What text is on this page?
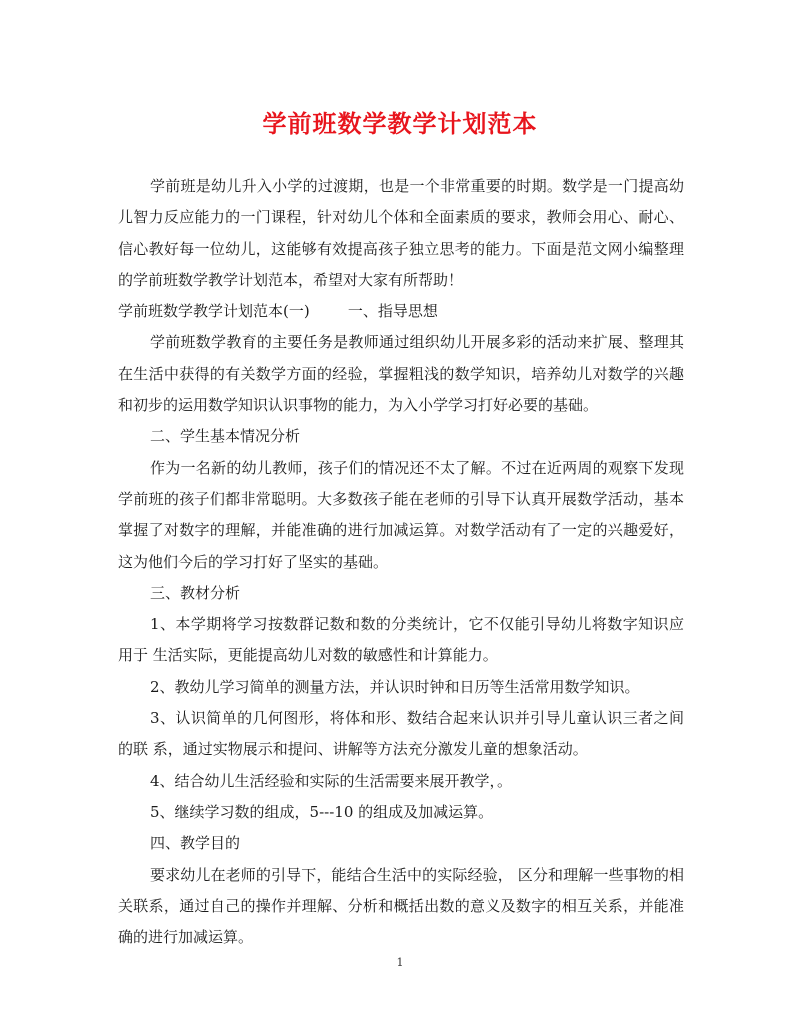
学前班数学教学计划范本

学前班是幼儿升入小学的过渡期，也是一个非常重要的时期。数学是一门提高幼儿智力反应能力的一门课程，针对幼儿个体和全面素质的要求，教师会用心、耐心、信心教好每一位幼儿，这能够有效提高孩子独立思考的能力。下面是范文网小编整理的学前班数学教学计划范本，希望对大家有所帮助！

学前班数学教学计划范本(一)        一、指导思想

学前班数学教育的主要任务是教师通过组织幼儿开展多彩的活动来扩展、整理其在生活中获得的有关数学方面的经验，掌握粗浅的数学知识，培养幼儿对数学的兴趣和初步的运用数学知识认识事物的能力，为入小学学习打好必要的基础。

二、学生基本情况分析

作为一名新的幼儿教师，孩子们的情况还不太了解。不过在近两周的观察下发现学前班的孩子们都非常聪明。大多数孩子能在老师的引导下认真开展数学活动，基本掌握了对数字的理解，并能准确的进行加减运算。对数学活动有了一定的兴趣爱好，这为他们今后的学习打好了坚实的基础。

三、教材分析

1、本学期将学习按数群记数和数的分类统计，它不仅能引导幼儿将数字知识应用于 生活实际，更能提高幼儿对数的敏感性和计算能力。

2、教幼儿学习简单的测量方法，并认识时钟和日历等生活常用数学知识。

3、认识简单的几何图形，将体和形、数结合起来认识并引导儿童认识三者之间的联 系，通过实物展示和提问、讲解等方法充分激发儿童的想象活动。

4、结合幼儿生活经验和实际的生活需要来展开教学，。

5、继续学习数的组成，5---10 的组成及加减运算。

四、教学目的

要求幼儿在老师的引导下，能结合生活中的实际经验， 区分和理解一些事物的相关联系，通过自己的操作并理解、分析和概括出数的意义及数字的相互关系，并能准确的进行加减运算。

1
